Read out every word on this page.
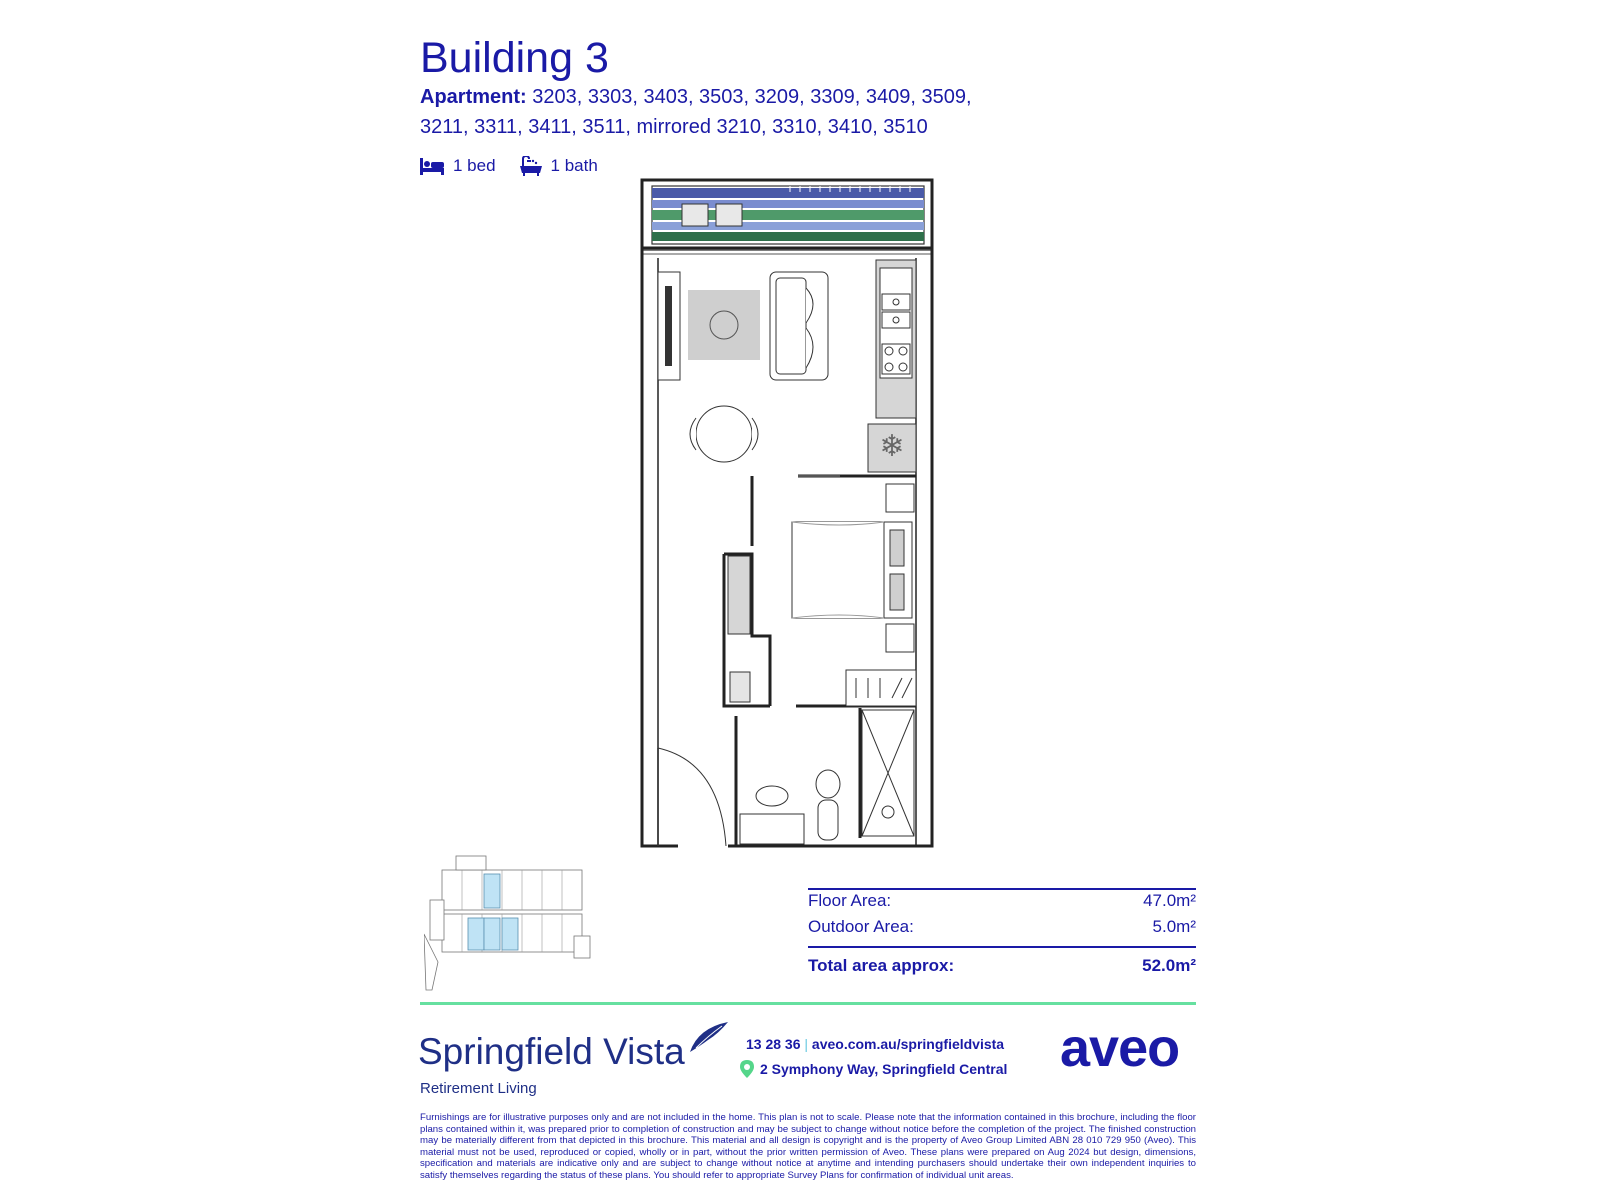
Building 3
Apartment: 3203, 3303, 3403, 3503, 3209, 3309, 3409, 3509, 3211, 3311, 3411, 3511, mirrored 3210, 3310, 3410, 3510
1 bed	1 bath
❄
Floor Area:	47.0m²
Outdoor Area:	5.0m²
Total area approx:	52.0m²
Springfield Vista
Retirement Living
13 28 36 | aveo.com.au/springfieldvista
2 Symphony Way, Springfield Central aveo
Furnishings are for illustrative purposes only and are not included in the home. This plan is not to scale. Please note that the information contained in this brochure, including the floor plans contained within it, was prepared prior to completion of construction and may be subject to change without notice before the completion of the project. The finished construction may be materially different from that depicted in this brochure. This material and all design is copyright and is the property of Aveo Group Limited ABN 28 010 729 950 (Aveo). This material must not be used, reproduced or copied, wholly or in part, without the prior written permission of Aveo. These plans were prepared on Aug 2024 but design, dimensions, specification and materials are indicative only and are subject to change without notice at anytime and intending purchasers should undertake their own independent inquiries to satisfy themselves regarding the status of these plans. You should refer to appropriate Survey Plans for confirmation of individual unit areas.
